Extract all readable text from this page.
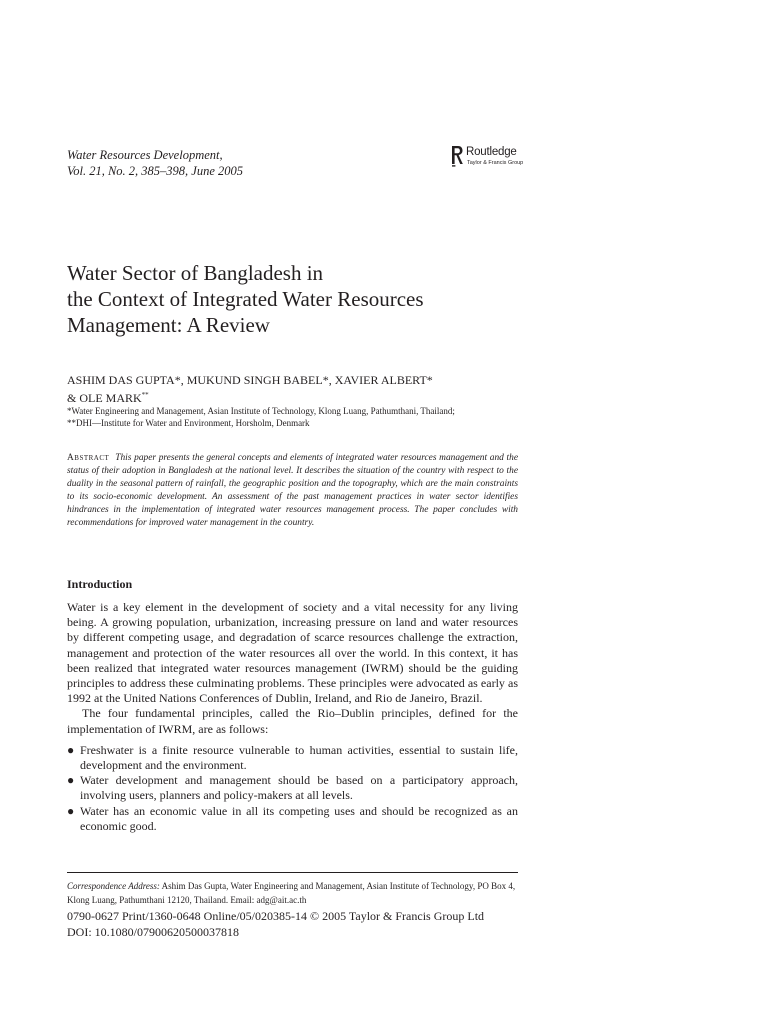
Water Resources Development,
Vol. 21, No. 2, 385–398, June 2005
Routledge
Taylor & Francis Group
Water Sector of Bangladesh in
the Context of Integrated Water Resources
Management: A Review
ASHIM DAS GUPTA*, MUKUND SINGH BABEL*, XAVIER ALBERT*
& OLE MARK**
*Water Engineering and Management, Asian Institute of Technology, Klong Luang, Pathumthani, Thailand;
**DHI—Institute for Water and Environment, Horsholm, Denmark
Abstract This paper presents the general concepts and elements of integrated water resources management and the status of their adoption in Bangladesh at the national level. It describes the situation of the country with respect to the duality in the seasonal pattern of rainfall, the geographic position and the topography, which are the main constraints to its socio-economic development. An assessment of the past management practices in water sector identifies hindrances in the implementation of integrated water resources management process. The paper concludes with recommendations for improved water management in the country.
Introduction

Water is a key element in the development of society and a vital necessity for any living being. A growing population, urbanization, increasing pressure on land and water resources by different competing usage, and degradation of scarce resources challenge the extraction, management and protection of the water resources all over the world. In this context, it has been realized that integrated water resources management (IWRM) should be the guiding principles to address these culminating problems. These principles were advocated as early as 1992 at the United Nations Conferences of Dublin, Ireland, and Rio de Janeiro, Brazil.

The four fundamental principles, called the Rio–Dublin principles, defined for the implementation of IWRM, are as follows:

● Freshwater is a finite resource vulnerable to human activities, essential to sustain life, development and the environment.
● Water development and management should be based on a participatory approach, involving users, planners and policy-makers at all levels.
● Water has an economic value in all its competing uses and should be recognized as an economic good.
Correspondence Address: Ashim Das Gupta, Water Engineering and Management, Asian Institute of Technology, PO Box 4, Klong Luang, Pathumthani 12120, Thailand. Email: adg@ait.ac.th
0790-0627 Print/1360-0648 Online/05/020385-14 © 2005 Taylor & Francis Group Ltd
DOI: 10.1080/07900620500037818
